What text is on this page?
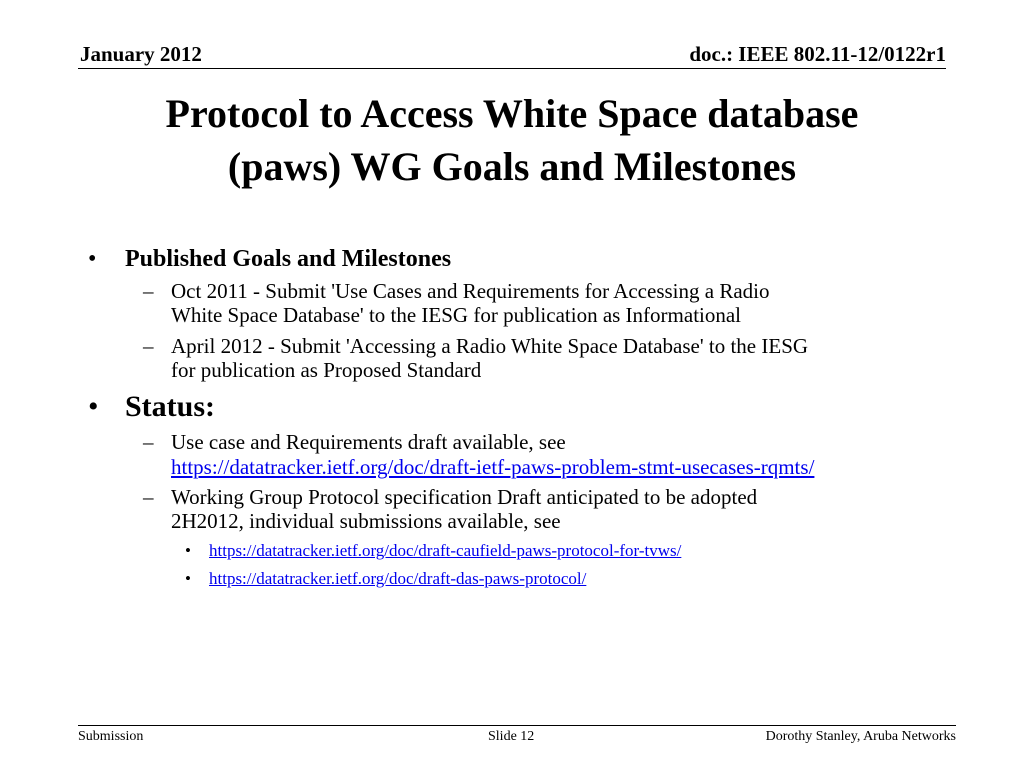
January 2012	doc.: IEEE 802.11-12/0122r1
Protocol to Access White Space database
(paws) WG Goals and Milestones
• Published Goals and Milestones
– Oct 2011 - Submit 'Use Cases and Requirements for Accessing a Radio
White Space Database' to the IESG for publication as Informational
– April 2012 - Submit 'Accessing a Radio White Space Database' to the IESG
for publication as Proposed Standard
• Status:
– Use case and Requirements draft available, see
https://datatracker.ietf.org/doc/draft-ietf-paws-problem-stmt-usecases-rqmts/
– Working Group Protocol specification Draft anticipated to be adopted
2H2012, individual submissions available, see
• https://datatracker.ietf.org/doc/draft-caufield-paws-protocol-for-tvws/
• https://datatracker.ietf.org/doc/draft-das-paws-protocol/
Submission	Slide 12	Dorothy Stanley, Aruba Networks
